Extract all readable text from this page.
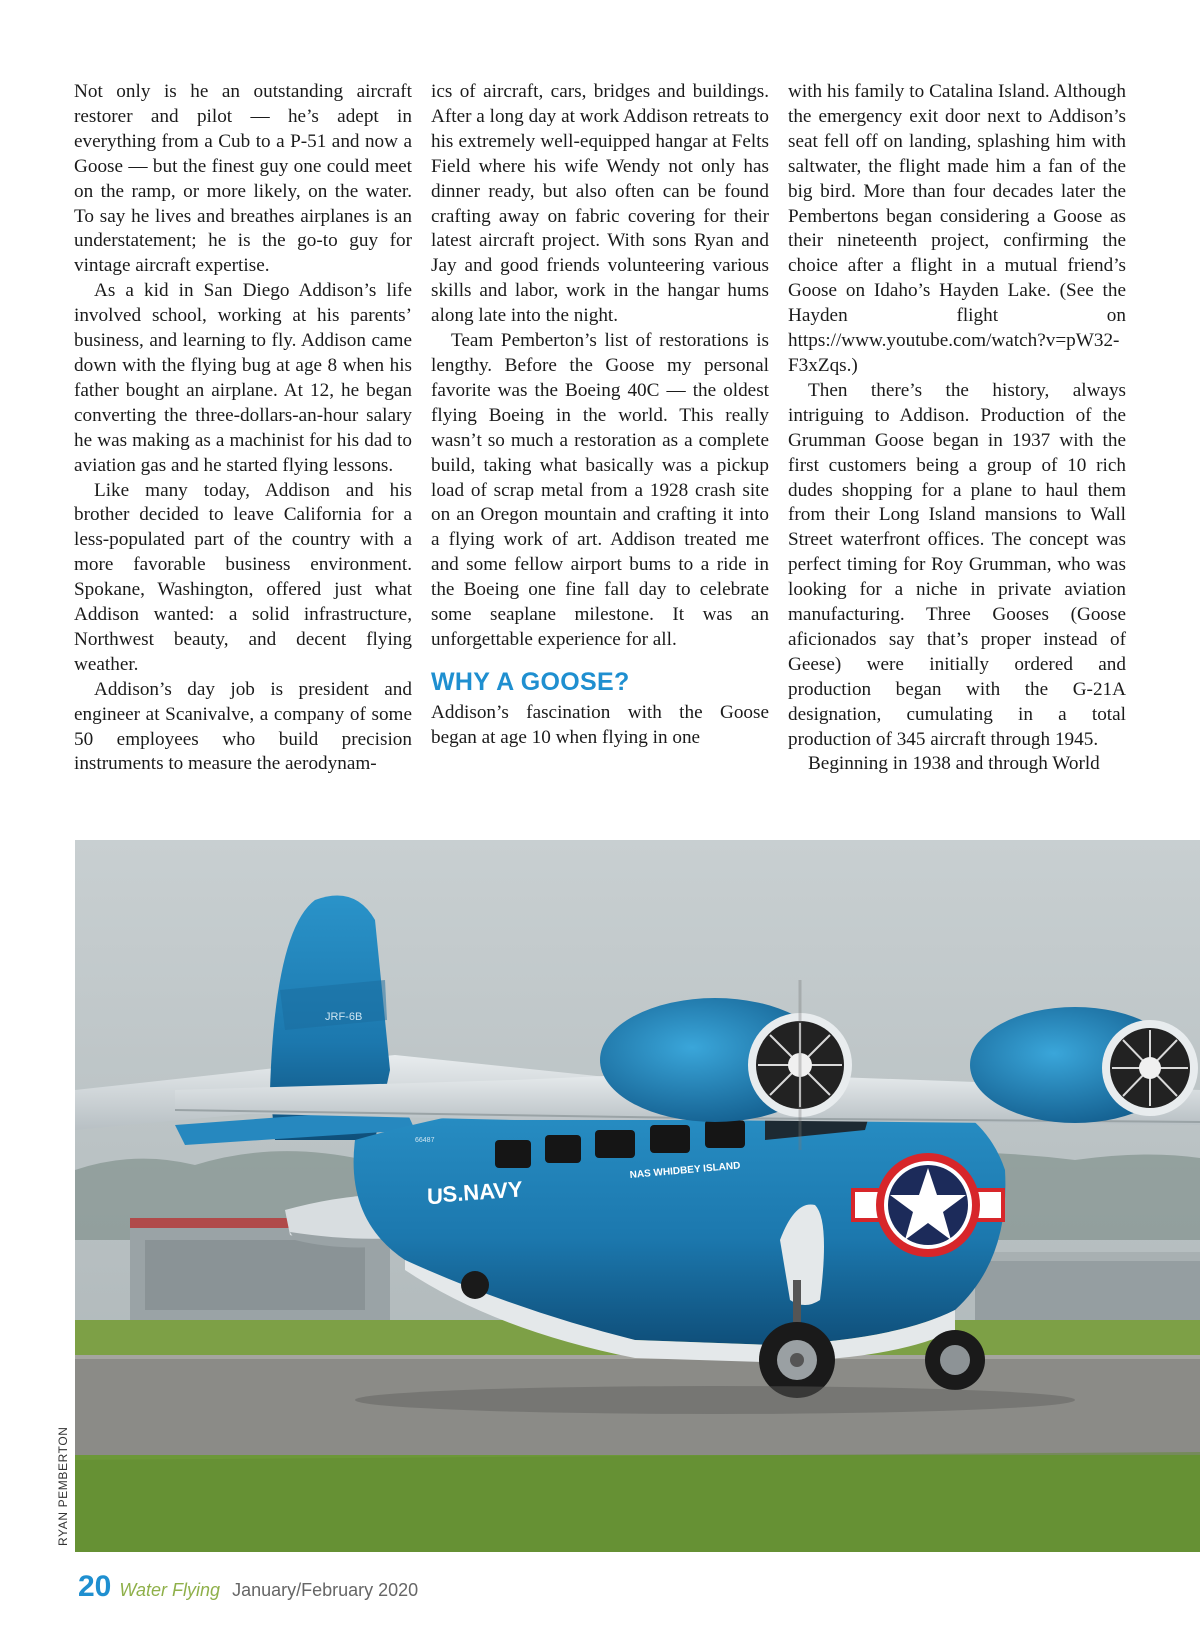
Not only is he an outstanding aircraft restorer and pilot — he’s adept in everything from a Cub to a P-51 and now a Goose — but the finest guy one could meet on the ramp, or more likely, on the water. To say he lives and breathes airplanes is an understatement; he is the go-to guy for vintage aircraft expertise.

As a kid in San Diego Addison’s life involved school, working at his parents’ business, and learning to fly. Addison came down with the flying bug at age 8 when his father bought an airplane. At 12, he began converting the three-dollars-an-hour salary he was making as a machinist for his dad to aviation gas and he started flying lessons.

Like many today, Addison and his brother decided to leave California for a less-populated part of the country with a more favorable business environment. Spokane, Washington, offered just what Addison wanted: a solid infrastructure, Northwest beauty, and decent flying weather.

Addison’s day job is president and engineer at Scanivalve, a company of some 50 employees who build precision instruments to measure the aerodynam-

ics of aircraft, cars, bridges and buildings. After a long day at work Addison retreats to his extremely well-equipped hangar at Felts Field where his wife Wendy not only has dinner ready, but also often can be found crafting away on fabric covering for their latest aircraft project. With sons Ryan and Jay and good friends volunteering various skills and labor, work in the hangar hums along late into the night.

Team Pemberton’s list of restorations is lengthy. Before the Goose my personal favorite was the Boeing 40C — the oldest flying Boeing in the world. This really wasn’t so much a restoration as a complete build, taking what basically was a pickup load of scrap metal from a 1928 crash site on an Oregon mountain and crafting it into a flying work of art. Addison treated me and some fellow airport bums to a ride in the Boeing one fine fall day to celebrate some seaplane milestone. It was an unforgettable experience for all.

WHY A GOOSE?

Addison’s fascination with the Goose began at age 10 when flying in one

with his family to Catalina Island. Although the emergency exit door next to Addison’s seat fell off on landing, splashing him with saltwater, the flight made him a fan of the big bird. More than four decades later the Pembertons began considering a Goose as their nineteenth project, confirming the choice after a flight in a mutual friend’s Goose on Idaho’s Hayden Lake. (See the Hayden flight on https://www.youtube.com/watch?v=pW32-F3xZqs.)

Then there’s the history, always intriguing to Addison. Production of the Grumman Goose began in 1937 with the first customers being a group of 10 rich dudes shopping for a plane to haul them from their Long Island mansions to Wall Street waterfront offices. The concept was perfect timing for Roy Grumman, who was looking for a niche in private aviation manufacturing. Three Gooses (Goose aficionados say that’s proper instead of Geese) were initially ordered and production began with the G-21A designation, cumulating in a total production of 345 aircraft through 1945.

Beginning in 1938 and through World

JRF-6B
U
S.NAVY
NAS WHIDBEY ISLAND
66487
RYAN PEMBERTON
20 Water Flying January/February 2020
